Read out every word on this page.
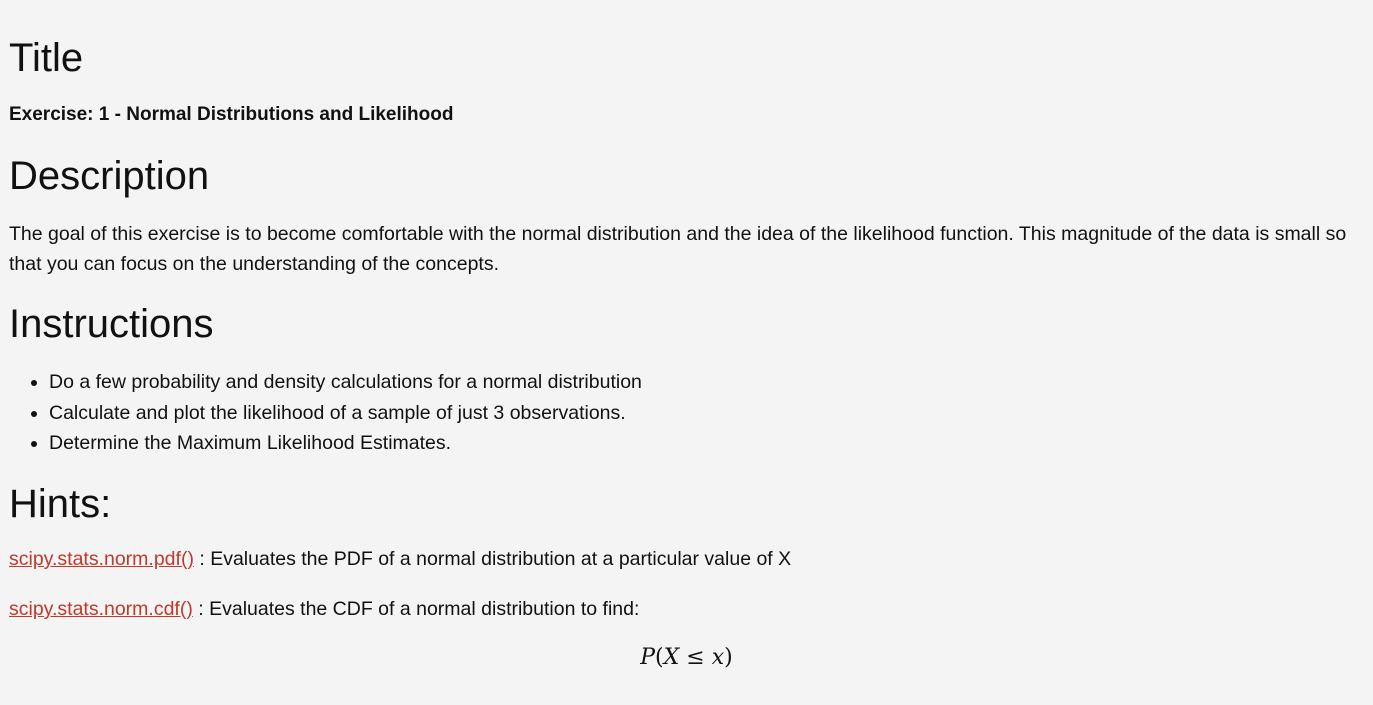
Title

Exercise: 1 - Normal Distributions and Likelihood

Description

The goal of this exercise is to become comfortable with the normal distribution and the idea of the likelihood function. This magnitude of the data is small so that you can focus on the understanding of the concepts.

Instructions
• Do a few probability and density calculations for a normal distribution
• Calculate and plot the likelihood of a sample of just 3 observations.
• Determine the Maximum Likelihood Estimates.
Hints:

scipy.stats.norm.pdf() : Evaluates the PDF of a normal distribution at a particular value of X

scipy.stats.norm.cdf() : Evaluates the CDF of a normal distribution to find:

P(X ≤ x)
